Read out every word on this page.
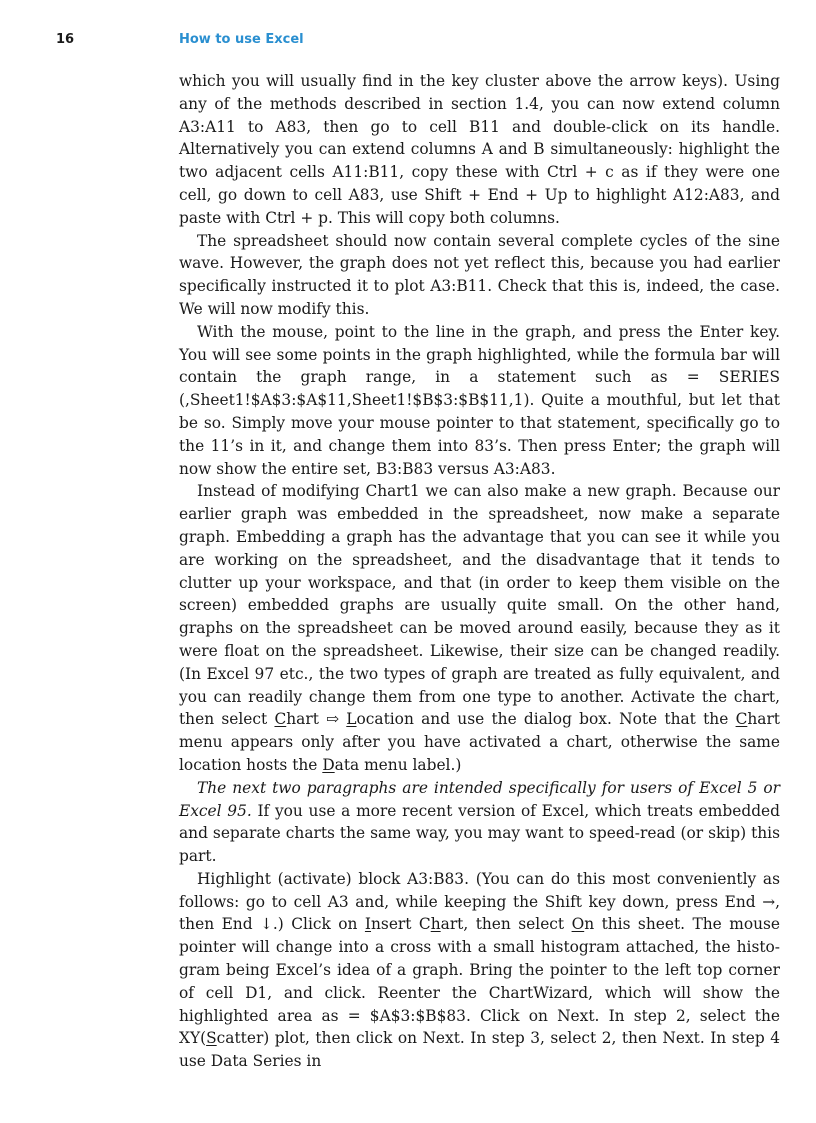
16	How to use Excel

which you will usually find in the key cluster above the arrow keys). Using any of the methods described in section 1.4, you can now extend column A3:A11 to A83, then go to cell B11 and double-click on its handle. Alternatively you can extend columns A and B simultaneously: highlight the two adjacent cells A11:B11, copy these with Ctrl + c as if they were one cell, go down to cell A83, use Shift + End + Up to highlight A12:A83, and paste with Ctrl + p. This will copy both columns.

The spreadsheet should now contain several complete cycles of the sine wave. However, the graph does not yet reflect this, because you had earlier specifically instructed it to plot A3:B11. Check that this is, indeed, the case. We will now modify this.

With the mouse, point to the line in the graph, and press the Enter key. You will see some points in the graph highlighted, while the formula bar will contain the graph range, in a statement such as = SERIES (,Sheet1!$A$3:$A$11,Sheet1!$B$3:$B$11,1). Quite a mouthful, but let that be so. Simply move your mouse pointer to that statement, specifically go to the 11’s in it, and change them into 83’s. Then press Enter; the graph will now show the entire set, B3:B83 versus A3:A83.

Instead of modifying Chart1 we can also make a new graph. Because our earlier graph was embedded in the spreadsheet, now make a separate graph. Embedding a graph has the advantage that you can see it while you are working on the spreadsheet, and the disadvantage that it tends to clutter up your workspace, and that (in order to keep them visible on the screen) embedded graphs are usually quite small. On the other hand, graphs on the spreadsheet can be moved around easily, because they as it were float on the spreadsheet. Likewise, their size can be changed readily. (In Excel 97 etc., the two types of graph are treated as fully equivalent, and you can readily change them from one type to another. Activate the chart, then select Chart ⇨ Location and use the dialog box. Note that the Chart menu appears only after you have activated a chart, otherwise the same location hosts the Data menu label.)

The next two paragraphs are intended specifically for users of Excel 5 or Excel 95. If you use a more recent version of Excel, which treats embedded and separate charts the same way, you may want to speed-read (or skip) this part.

Highlight (activate) block A3:B83. (You can do this most conveniently as follows: go to cell A3 and, while keeping the Shift key down, press End →, then End ↓.) Click on Insert Chart, then select On this sheet. The mouse pointer will change into a cross with a small histogram attached, the histo-gram being Excel’s idea of a graph. Bring the pointer to the left top corner of cell D1, and click. Reenter the ChartWizard, which will show the highlighted area as = $A$3:$B$83. Click on Next. In step 2, select the XY(Scatter) plot, then click on Next. In step 3, select 2, then Next. In step 4 use Data Series in
